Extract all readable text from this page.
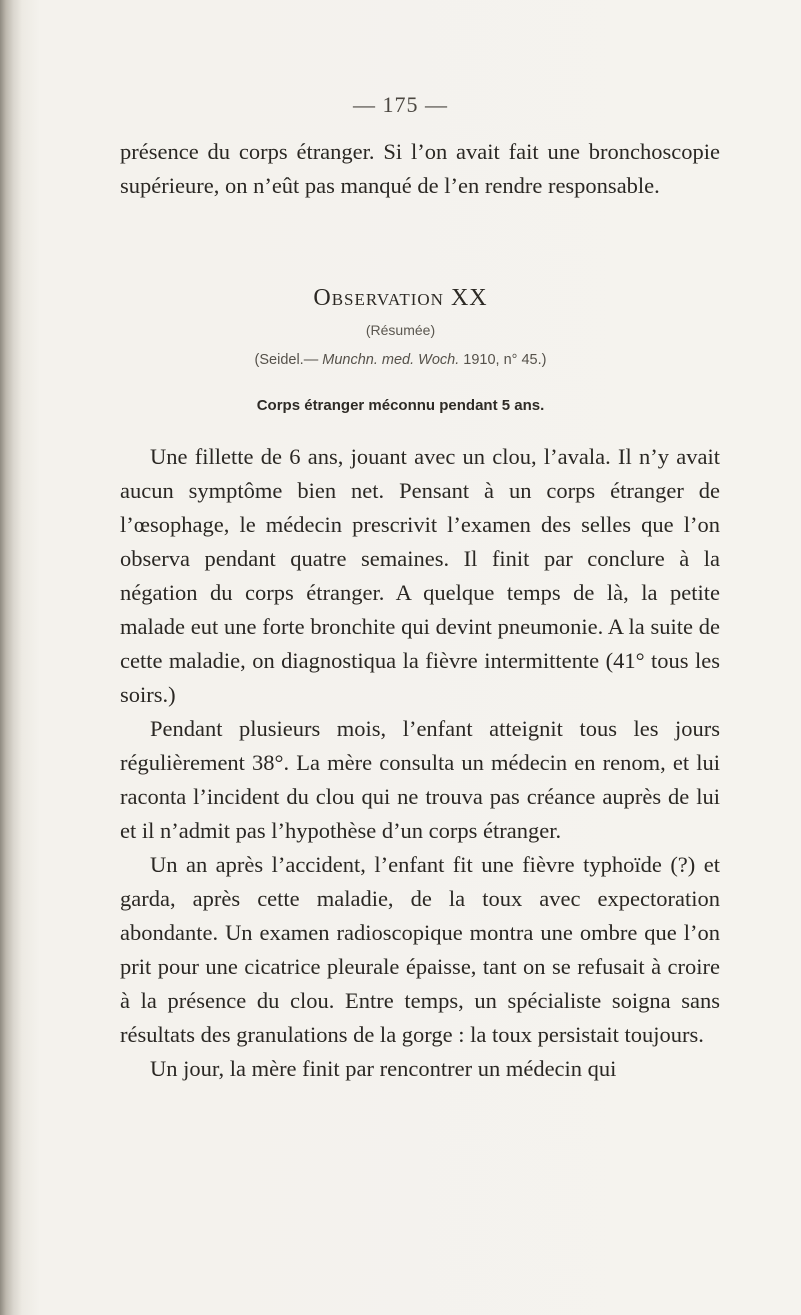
— 175 —

présence du corps étranger. Si l’on avait fait une bronchoscopie supérieure, on n’eût pas manqué de l’en rendre responsable.

Observation XX

(Résumée)

(Seidel.— Munchn. med. Woch. 1910, n° 45.)

Corps étranger méconnu pendant 5 ans.

Une fillette de 6 ans, jouant avec un clou, l’avala. Il n’y avait aucun symptôme bien net. Pensant à un corps étranger de l’œsophage, le médecin prescrivit l’examen des selles que l’on observa pendant quatre semaines. Il finit par conclure à la négation du corps étranger. A quelque temps de là, la petite malade eut une forte bronchite qui devint pneumonie. A la suite de cette maladie, on diagnostiqua la fièvre intermittente (41° tous les soirs.)

Pendant plusieurs mois, l’enfant atteignit tous les jours régulièrement 38°. La mère consulta un médecin en renom, et lui raconta l’incident du clou qui ne trouva pas créance auprès de lui et il n’admit pas l’hypothèse d’un corps étranger.

Un an après l’accident, l’enfant fit une fièvre typhoïde (?) et garda, après cette maladie, de la toux avec expectoration abondante. Un examen radioscopique montra une ombre que l’on prit pour une cicatrice pleurale épaisse, tant on se refusait à croire à la présence du clou. Entre temps, un spécialiste soigna sans résultats des granulations de la gorge : la toux persistait toujours.

Un jour, la mère finit par rencontrer un médecin qui
